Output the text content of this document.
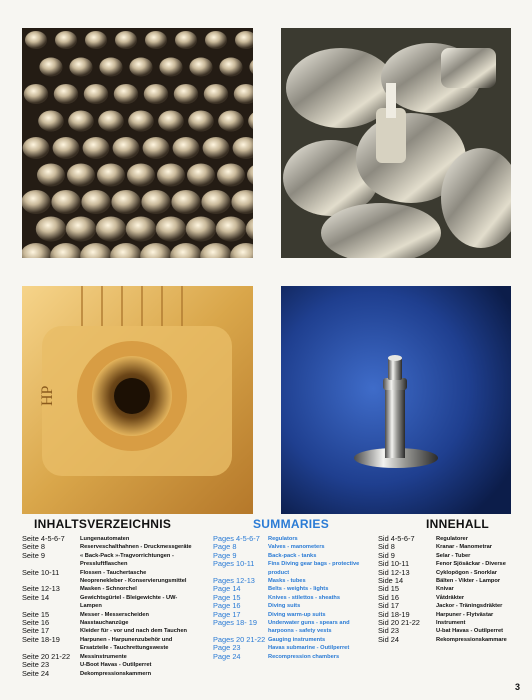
HP
INHALTSVERZEICHNIS
Seite 4-5-6-7	Lungenautomaten
Seite 8	Reserveschalthahnen - Druckmessgeräte
Seite 9	« Back-Pack »-Tragvorrichtungen - Pressluftflaschen
Seite 10-11	Flossen - Tauchertasche
Neoprenekleber - Konservierungsmittel
Seite 12-13	Masken - Schnorchel
Seite 14	Gewichtsgürtel - Bleigewichte - UW-Lampen
Seite 15	Messer - Messerscheiden
Seite 16	Nasstauchanzüge
Seite 17	Kleider für - vor und nach dem Tauchen
Seite 18-19	Harpunen - Harpunenzubehör und Ersatzteile - Tauchrettungsweste
Seite 20 21-22	Messinstrumente
Seite 23	U-Boot Havas - Outilperret
Seite 24	Dekompressionskammern
SUMMARIES
Pages 4-5-6-7	Regulators
Page 8	Valves - manometers
Page 9	Back-pack - tanks
Pages 10-11	Fins Diving gear bags - protective product
Pages 12-13	Masks - tubes
Page 14	Belts - weights - lights
Page 15	Knives - stilettos - sheaths
Page 16	Diving suits
Page 17	Diving warm-up suits
Pages 18- 19	Underwater guns - spears and harpoons - safety vests
Pages 20 21-22 Gauging instruments
Page 23	Havas submarine - Outilperret
Page 24	Recompression chambers
INNEHALL
Sid 4-5-6-7	Regulatorer
Sid 8	Kranar - Manometrar
Sid 9	Selar - Tuber
Sid 10-11	Fenor Sjösäckar - Diverse
Sid 12-13	Cyklopögon - Snorklar
Side 14	Bälten - Vikter - Lampor
Sid 15	Knivar
Sid 16	Våtdräkter
Sid 17	Jackor - Träningsdräkter
Sid 18-19	Harpuner - Flytvästar
Sid 20 21-22	Instrument
Sid 23	U-bat Havas - Outilperret
Sid 24	Rekompressionskammare
3
